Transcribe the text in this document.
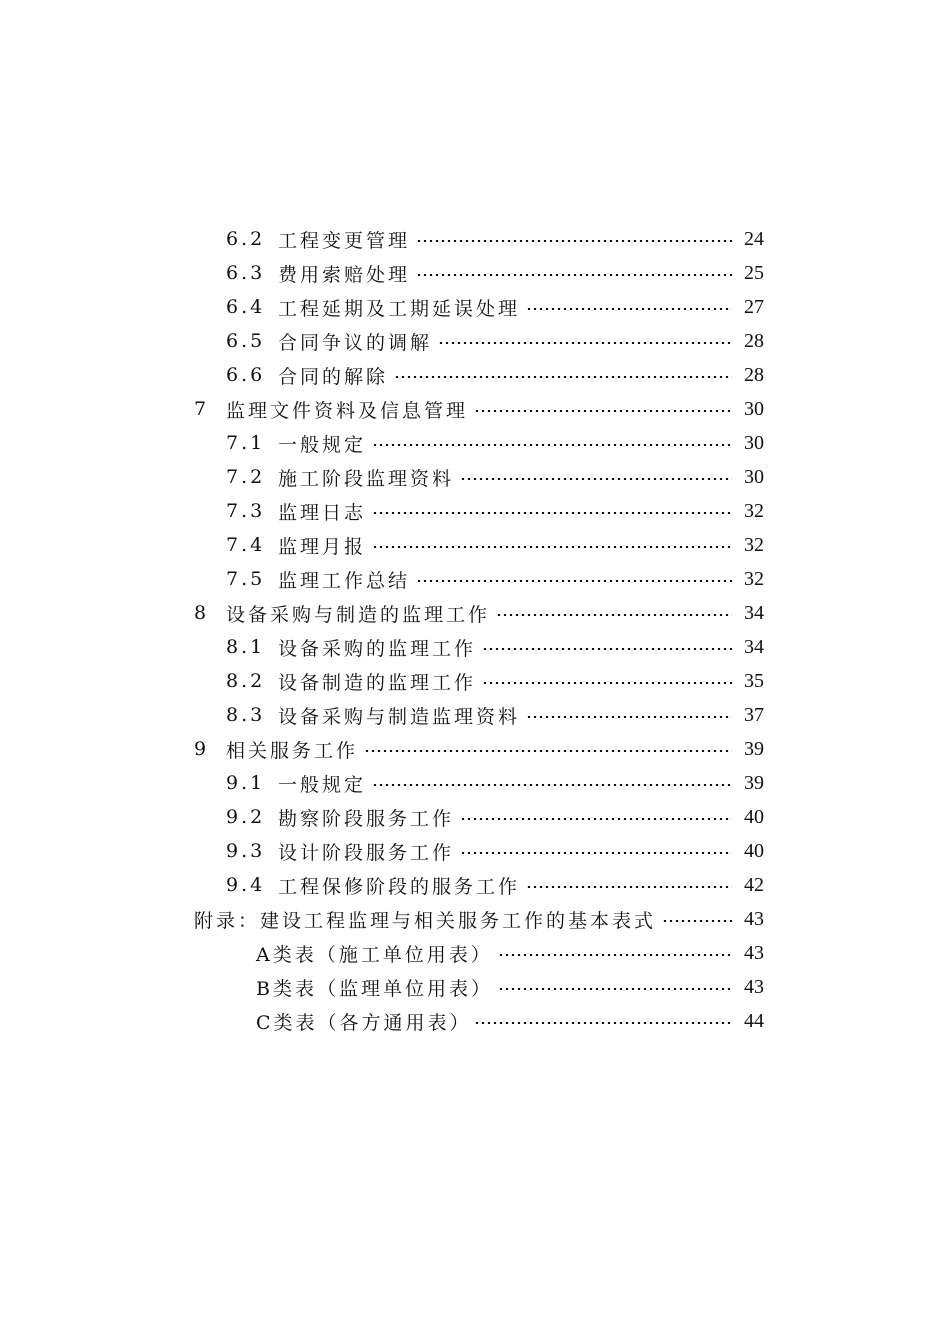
6.2 工程变更管理	24
6.3 费用索赔处理	25
6.4 工程延期及工期延误处理	27
6.5 合同争议的调解	28
6.6 合同的解除	28
7 监理文件资料及信息管理	30
7.1 一般规定	30
7.2 施工阶段监理资料	30
7.3 监理日志	32
7.4 监理月报	32
7.5 监理工作总结	32
8 设备采购与制造的监理工作	34
8.1 设备采购的监理工作	34
8.2 设备制造的监理工作	35
8.3 设备采购与制造监理资料	37
9 相关服务工作	39
9.1 一般规定	39
9.2 勘察阶段服务工作	40
9.3 设计阶段服务工作	40
9.4 工程保修阶段的服务工作	42
附录：建设工程监理与相关服务工作的基本表式	43
A类表（施工单位用表）	43
B类表（监理单位用表）	43
C类表（各方通用表）	44
